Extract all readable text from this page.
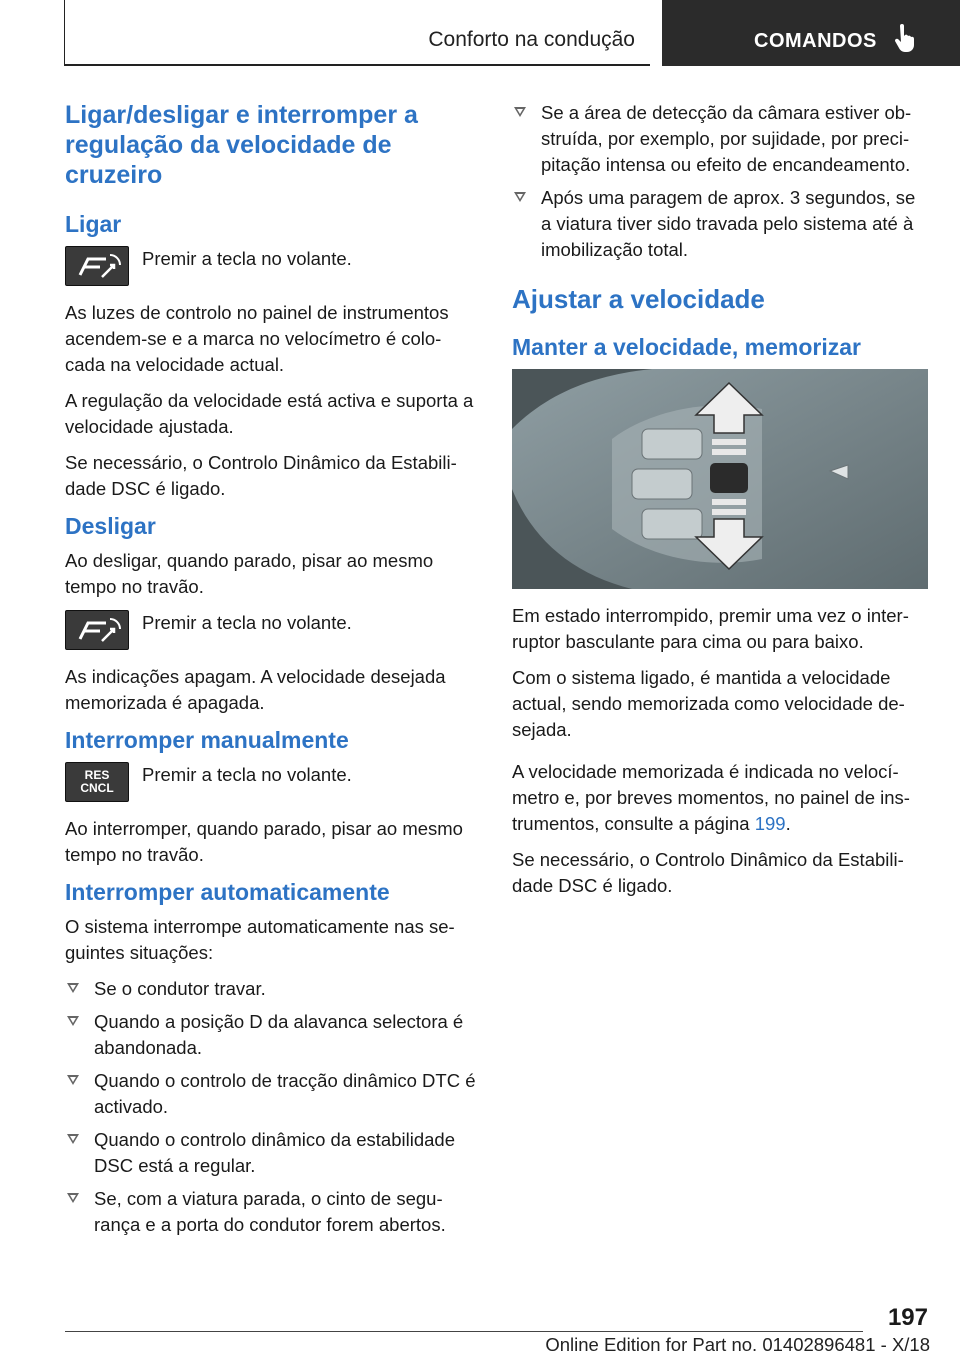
Conforto na condução	COMANDOS
Ligar/desligar e interromper a regulação da velocidade de cruzeiro
Ligar

Premir a tecla no volante.

As luzes de controlo no painel de instrumentos acendem-se e a marca no velocímetro é colo- cada na velocidade actual.

A regulação da velocidade está activa e suporta a velocidade ajustada.

Se necessário, o Controlo Dinâmico da Estabili- dade DSC é ligado.

Desligar

Ao desligar, quando parado, pisar ao mesmo tempo no travão.

Premir a tecla no volante.

As indicações apagam. A velocidade desejada memorizada é apagada.

Interromper manualmente
RES CNCL

Premir a tecla no volante.

Ao interromper, quando parado, pisar ao mesmo tempo no travão.

Interromper automaticamente

O sistema interrompe automaticamente nas se- guintes situações:

Se o condutor travar.
Quando a posição D da alavanca selectora é abandonada.
Quando o controlo de tracção dinâmico DTC é activado.
Quando o controlo dinâmico da estabilidade DSC está a regular.
Se, com a viatura parada, o cinto de segu- rança e a porta do condutor forem abertos.
Se a área de detecção da câmara estiver ob- struída, por exemplo, por sujidade, por preci- pitação intensa ou efeito de encandeamento.
Após uma paragem de aprox. 3 segundos, se a viatura tiver sido travada pelo sistema até à imobilização total.
Ajustar a velocidade
Manter a velocidade, memorizar

Em estado interrompido, premir uma vez o inter- ruptor basculante para cima ou para baixo.

Com o sistema ligado, é mantida a velocidade actual, sendo memorizada como velocidade de- sejada.

A velocidade memorizada é indicada no velocí- metro e, por breves momentos, no painel de ins- trumentos, consulte a página 199.

Se necessário, o Controlo Dinâmico da Estabili- dade DSC é ligado.

197
Online Edition for Part no. 01402896481 - X/18
